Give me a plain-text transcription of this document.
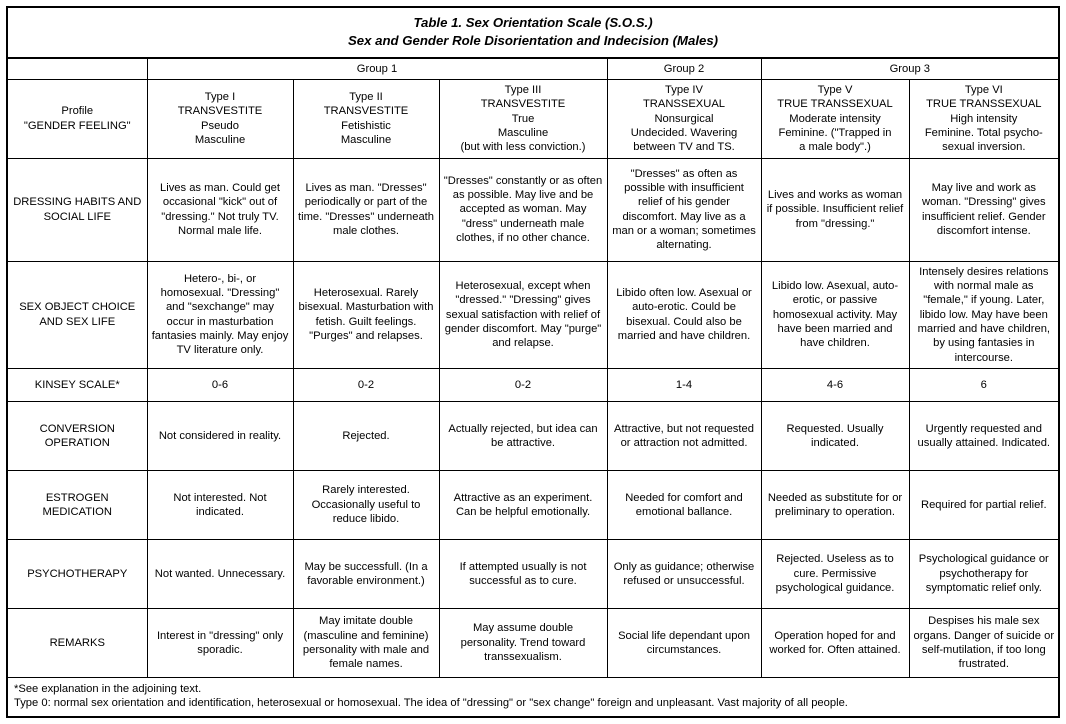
Table 1. Sex Orientation Scale (S.O.S.)
Sex and Gender Role Disorientation and Indecision (Males)						

	Group 1			Group 2	Group 3	

Profile
"GENDER FEELING"	Type I
TRANSVESTITE
Pseudo
Masculine	Type II
TRANSVESTITE
Fetishistic
Masculine	Type III
TRANSVESTITE
True
Masculine
(but with less conviction.)	Type IV
TRANSSEXUAL
Nonsurgical
Undecided. Wavering
between TV and TS.	Type V
TRUE TRANSSEXUAL
Moderate intensity
Feminine. ("Trapped in
a male body".)	Type VI
TRUE TRANSSEXUAL
High intensity
Feminine. Total psycho-
sexual inversion.

DRESSING HABITS AND SOCIAL LIFE	Lives as man. Could get occasional "kick" out of "dressing." Not truly TV. Normal male life.	Lives as man. "Dresses" periodically or part of the time. "Dresses" underneath male clothes.	"Dresses" constantly or as often as possible. May live and be accepted as woman. May "dress" underneath male clothes, if no other chance.	"Dresses" as often as possible with insufficient relief of his gender discomfort. May live as a man or a woman; sometimes alternating.	Lives and works as woman if possible. Insufficient relief from "dressing."	May live and work as woman. "Dressing" gives insufficient relief. Gender discomfort intense.
SEX OBJECT CHOICE AND SEX LIFE	Hetero-, bi-, or homosexual. "Dressing" and "sexchange" may occur in masturbation fantasies mainly. May enjoy TV literature only.	Heterosexual. Rarely bisexual. Masturbation with fetish. Guilt feelings. "Purges" and relapses.	Heterosexual, except when "dressed." "Dressing" gives sexual satisfaction with relief of gender discomfort. May "purge" and relapse.	Libido often low. Asexual or auto-erotic. Could be bisexual. Could also be married and have children.	Libido low. Asexual, auto-erotic, or passive homosexual activity. May have been married and have children.	Intensely desires relations with normal male as "female," if young. Later, libido low. May have been married and have children, by using fantasies in intercourse.
KINSEY SCALE*	0-6	0-2	0-2	1-4	4-6	6
CONVERSION OPERATION	Not considered in reality.	Rejected.	Actually rejected, but idea can be attractive.	Attractive, but not requested or attraction not admitted.	Requested. Usually indicated.	Urgently requested and usually attained. Indicated.
ESTROGEN MEDICATION	Not interested. Not indicated.	Rarely interested. Occasionally useful to reduce libido.	Attractive as an experiment. Can be helpful emotionally.	Needed for comfort and emotional ballance.	Needed as substitute for or preliminary to operation.	Required for partial relief.
PSYCHOTHERAPY	Not wanted. Unnecessary.	May be successfull. (In a favorable environment.)	If attempted usually is not successful as to cure.	Only as guidance; otherwise refused or unsuccessful.	Rejected. Useless as to cure. Permissive psychological guidance.	Psychological guidance or psychotherapy for symptomatic relief only.
REMARKS	Interest in "dressing" only sporadic.	May imitate double (masculine and feminine) personality with male and female names.	May assume double personality. Trend toward transsexualism.	Social life dependant upon circumstances.	Operation hoped for and worked for. Often attained.	Despises his male sex organs. Danger of suicide or self-mutilation, if too long frustrated.

*See explanation in the adjoining text.
Type 0: normal sex orientation and identification, heterosexual or homosexual. The idea of "dressing" or "sex change" foreign and unpleasant. Vast majority of all people.						
